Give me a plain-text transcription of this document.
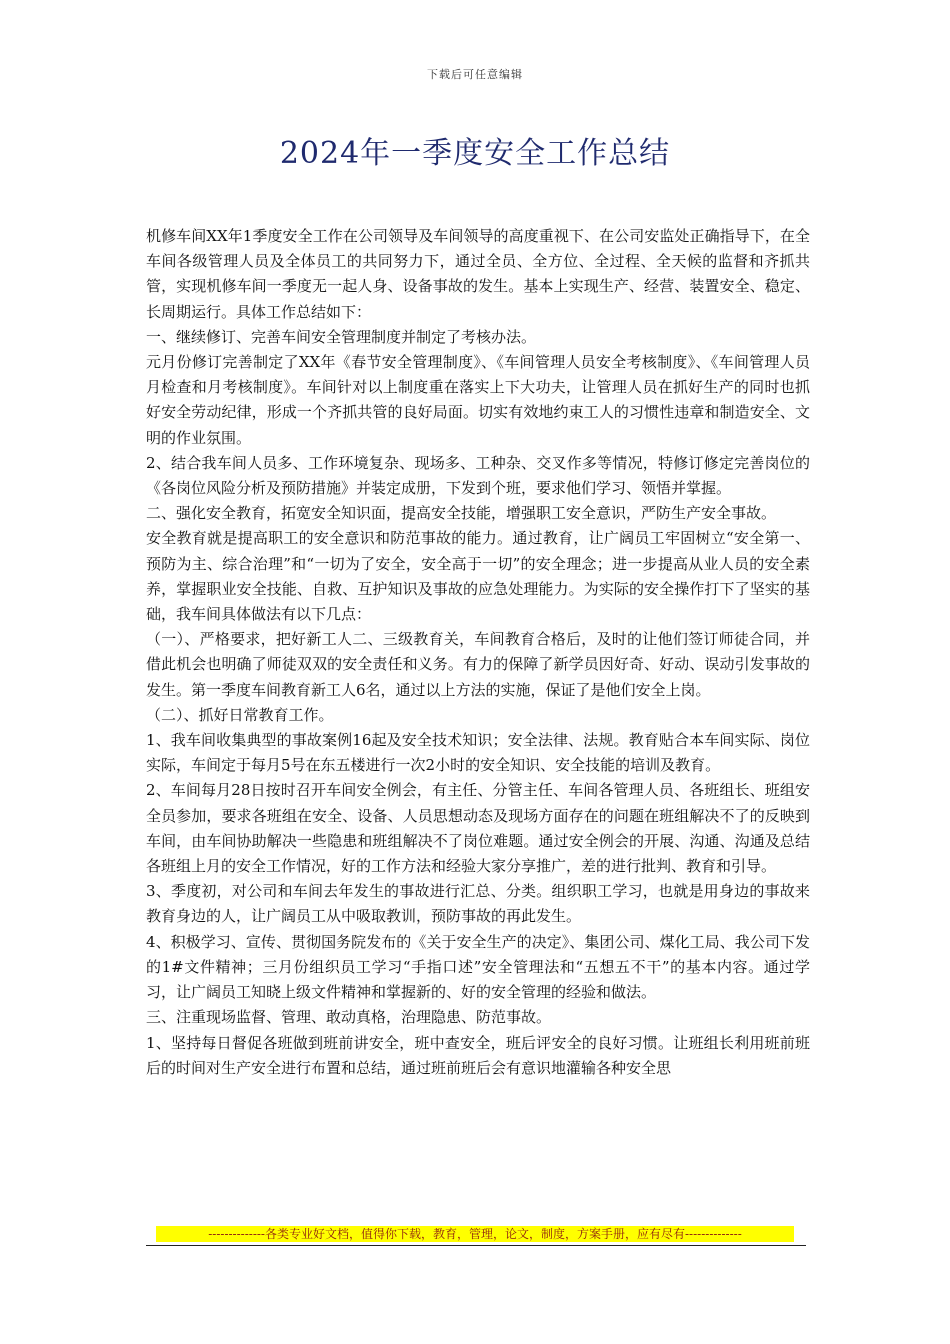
下载后可任意编辑
2024年一季度安全工作总结

机修车间XX年1季度安全工作在公司领导及车间领导的高度重视下、在公司安监处正确指导下，在全车间各级管理人员及全体员工的共同努力下，通过全员、全方位、全过程、全天候的监督和齐抓共管，实现机修车间一季度无一起人身、设备事故的发生。基本上实现生产、经营、装置安全、稳定、长周期运行。具体工作总结如下：

一、继续修订、完善车间安全管理制度并制定了考核办法。

元月份修订完善制定了XX年《春节安全管理制度》、《车间管理人员安全考核制度》、《车间管理人员月检查和月考核制度》。车间针对以上制度重在落实上下大功夫，让管理人员在抓好生产的同时也抓好安全劳动纪律，形成一个齐抓共管的良好局面。切实有效地约束工人的习惯性违章和制造安全、文明的作业氛围。

2、结合我车间人员多、工作环境复杂、现场多、工种杂、交叉作多等情况，特修订修定完善岗位的《各岗位风险分析及预防措施》并装定成册，下发到个班，要求他们学习、领悟并掌握。

二、强化安全教育，拓宽安全知识面，提高安全技能，增强职工安全意识，严防生产安全事故。

安全教育就是提高职工的安全意识和防范事故的能力。通过教育，让广阔员工牢固树立“安全第一、预防为主、综合治理”和“一切为了安全，安全高于一切”的安全理念；进一步提高从业人员的安全素养，掌握职业安全技能、自救、互护知识及事故的应急处理能力。为实际的安全操作打下了坚实的基础，我车间具体做法有以下几点：

（一）、严格要求，把好新工人二、三级教育关，车间教育合格后，及时的让他们签订师徒合同，并借此机会也明确了师徒双双的安全责任和义务。有力的保障了新学员因好奇、好动、误动引发事故的发生。第一季度车间教育新工人6名，通过以上方法的实施，保证了是他们安全上岗。

（二）、抓好日常教育工作。

1、我车间收集典型的事故案例16起及安全技术知识；安全法律、法规。教育贴合本车间实际、岗位实际，车间定于每月5号在东五楼进行一次2小时的安全知识、安全技能的培训及教育。

2、车间每月28日按时召开车间安全例会，有主任、分管主任、车间各管理人员、各班组长、班组安全员参加，要求各班组在安全、设备、人员思想动态及现场方面存在的问题在班组解决不了的反映到车间，由车间协助解决一些隐患和班组解决不了岗位难题。通过安全例会的开展、沟通、沟通及总结各班组上月的安全工作情况，好的工作方法和经验大家分享推广，差的进行批判、教育和引导。

3、季度初，对公司和车间去年发生的事故进行汇总、分类。组织职工学习，也就是用身边的事故来教育身边的人，让广阔员工从中吸取教训，预防事故的再此发生。

4、积极学习、宣传、贯彻国务院发布的《关于安全生产的决定》、集团公司、煤化工局、我公司下发的1#文件精神；三月份组织员工学习“手指口述”安全管理法和“五想五不干”的基本内容。通过学习，让广阔员工知晓上级文件精神和掌握新的、好的安全管理的经验和做法。

三、注重现场监督、管理、敢动真格，治理隐患、防范事故。

1、坚持每日督促各班做到班前讲安全，班中查安全，班后评安全的良好习惯。让班组长利用班前班后的时间对生产安全进行布置和总结，通过班前班后会有意识地灌输各种安全思

--------------各类专业好文档，值得你下载，教育，管理，论文，制度，方案手册，应有尽有--------------
